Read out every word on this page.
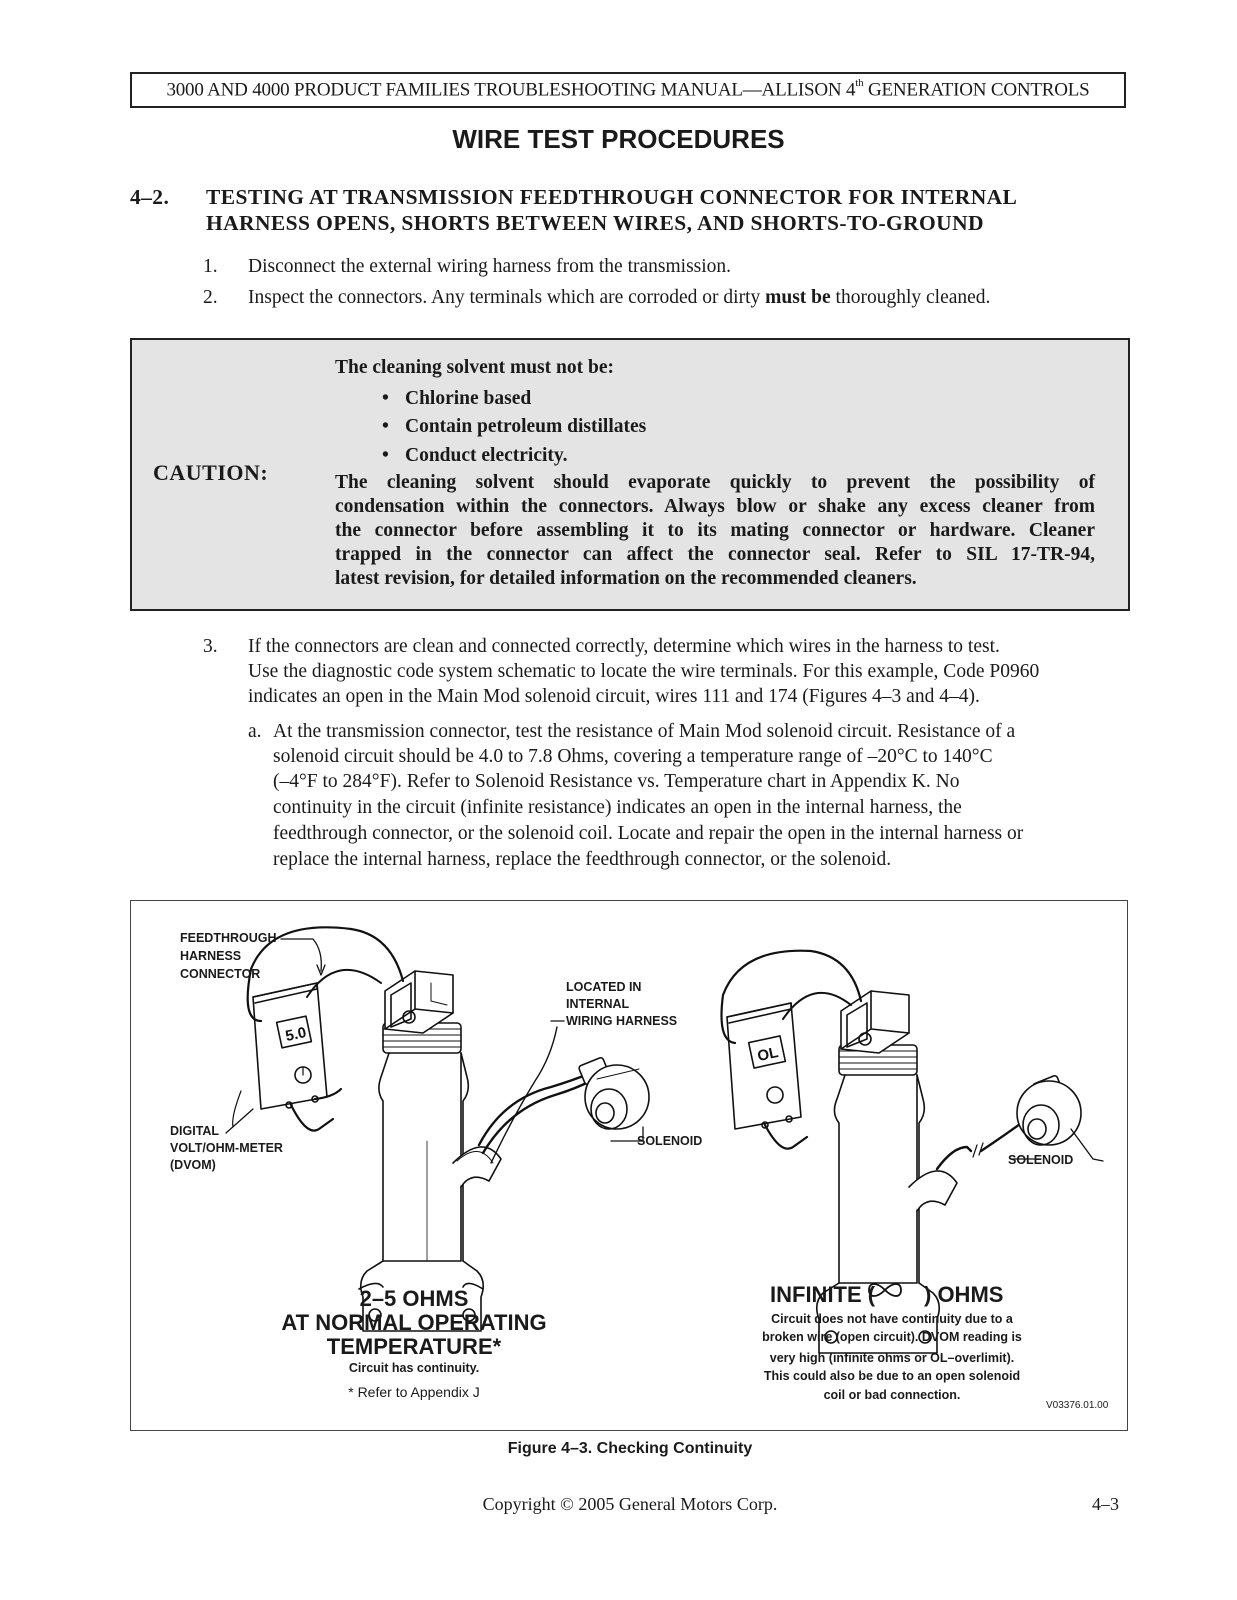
3000 AND 4000 PRODUCT FAMILIES TROUBLESHOOTING MANUAL—ALLISON 4th GENERATION CONTROLS
WIRE TEST PROCEDURES
4–2. TESTING AT TRANSMISSION FEEDTHROUGH CONNECTOR FOR INTERNAL
HARNESS OPENS, SHORTS BETWEEN WIRES, AND SHORTS-TO-GROUND
1. Disconnect the external wiring harness from the transmission.
2. Inspect the connectors. Any terminals which are corroded or dirty must be thoroughly cleaned.
CAUTION:
The cleaning solvent must not be:
• Chlorine based
• Contain petroleum distillates
• Conduct electricity.
The cleaning solvent should evaporate quickly to prevent the possibility of
condensation within the connectors. Always blow or shake any excess cleaner from
the connector before assembling it to its mating connector or hardware. Cleaner
trapped in the connector can affect the connector seal. Refer to SIL 17-TR-94,
latest revision, for detailed information on the recommended cleaners.
3. If the connectors are clean and connected correctly, determine which wires in the harness to test.
Use the diagnostic code system schematic to locate the wire terminals. For this example, Code P0960
indicates an open in the Main Mod solenoid circuit, wires 111 and 174 (Figures 4–3 and 4–4).
a. At the transmission connector, test the resistance of Main Mod solenoid circuit. Resistance of a
solenoid circuit should be 4.0 to 7.8 Ohms, covering a temperature range of –20°C to 140°C
(–4°F to 284°F). Refer to Solenoid Resistance vs. Temperature chart in Appendix K. No
continuity in the circuit (infinite resistance) indicates an open in the internal harness, the
feedthrough connector, or the solenoid coil. Locate and repair the open in the internal harness or
replace the internal harness, replace the feedthrough connector, or the solenoid.
5.0
OL
FEEDTHROUGH
HARNESS
CONNECTOR
LOCATED IN
INTERNAL
WIRING HARNESS
DIGITAL
VOLT/OHM-METER
(DVOM)
SOLENOID
SOLENOID
2–5 OHMS
AT NORMAL OPERATING
TEMPERATURE*
Circuit has continuity.
* Refer to Appendix J
INFINITE ( ) OHMS
Circuit does not have continuity due to a
broken wire (open circuit). DVOM reading is
very high (infinite ohms or OL–overlimit).
This could also be due to an open solenoid
coil or bad connection.
V03376.01.00
Figure 4–3. Checking Continuity
Copyright © 2005 General Motors Corp.	4–3
